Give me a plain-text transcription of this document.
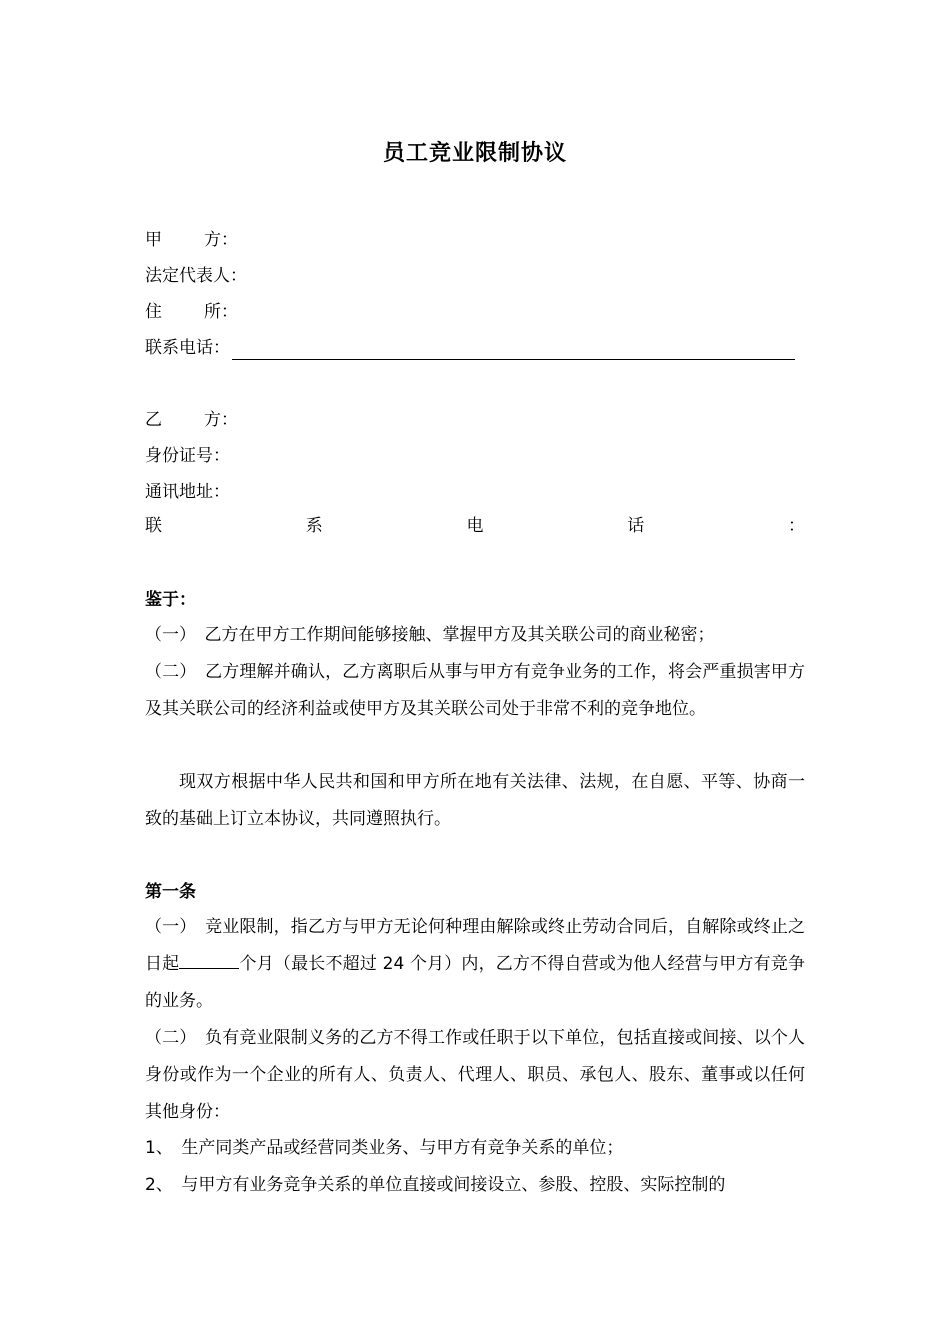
员工竞业限制协议
甲方 ：
法定代表人：
住所 ：
联系电话：
乙方 ：
身份证号：
通讯地址：
联	系	电	话	：
鉴于：
（一）　乙方在甲方工作期间能够接触、掌握甲方及其关联公司的商业秘密；
（二）　乙方理解并确认，乙方离职后从事与甲方有竞争业务的工作，将会严重损害甲方及其关联公司的经济利益或使甲方及其关联公司处于非常不利的竞争地位。
现双方根据中华人民共和国和甲方所在地有关法律、法规，在自愿、平等、协商一致的基础上订立本协议，共同遵照执行。
第一条
（一）　竞业限制，指乙方与甲方无论何种理由解除或终止劳动合同后，自解除或终止之日起	个月（最长不超过 24 个月）内，乙方不得自营或为他人经营与甲方有竞争的业务。
（二）　负有竞业限制义务的乙方不得工作或任职于以下单位，包括直接或间接、以个人身份或作为一个企业的所有人、负责人、代理人、职员、承包人、股东、董事或以任何其他身份：
1、　生产同类产品或经营同类业务、与甲方有竞争关系的单位；
2、　与甲方有业务竞争关系的单位直接或间接设立、参股、控股、实际控制的
